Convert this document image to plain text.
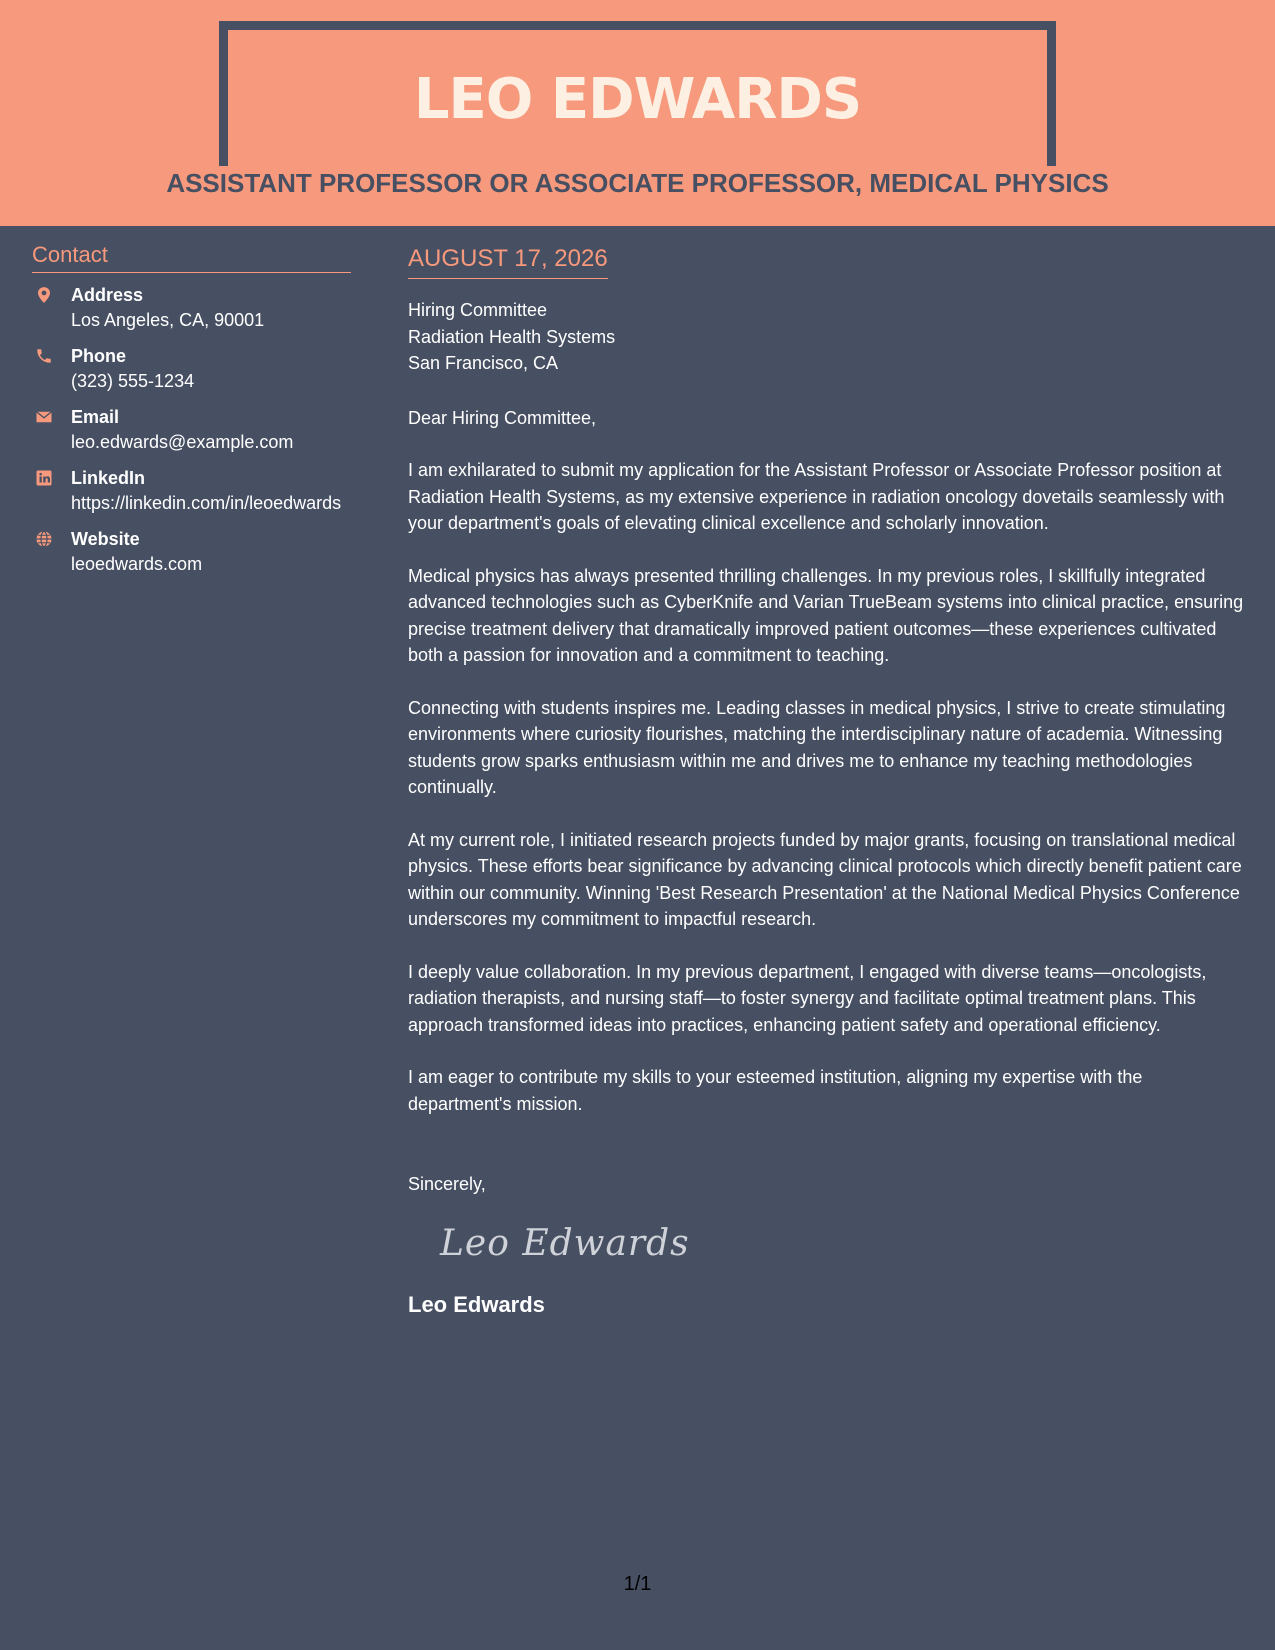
LEO EDWARDS
ASSISTANT PROFESSOR OR ASSOCIATE PROFESSOR, MEDICAL PHYSICS
Contact
Address
Los Angeles, CA, 90001
Phone
(323) 555-1234
Email
leo.edwards@example.com
LinkedIn
https://linkedin.com/in/leoedwards
Website
leoedwards.com
AUGUST 17, 2026
Hiring Committee
Radiation Health Systems
San Francisco, CA
Dear Hiring Committee,
I am exhilarated to submit my application for the Assistant Professor or Associate Professor position at Radiation Health Systems, as my extensive experience in radiation oncology dovetails seamlessly with your department's goals of elevating clinical excellence and scholarly innovation.
Medical physics has always presented thrilling challenges. In my previous roles, I skillfully integrated advanced technologies such as CyberKnife and Varian TrueBeam systems into clinical practice, ensuring precise treatment delivery that dramatically improved patient outcomes—these experiences cultivated both a passion for innovation and a commitment to teaching.
Connecting with students inspires me. Leading classes in medical physics, I strive to create stimulating environments where curiosity flourishes, matching the interdisciplinary nature of academia. Witnessing students grow sparks enthusiasm within me and drives me to enhance my teaching methodologies continually.
At my current role, I initiated research projects funded by major grants, focusing on translational medical physics. These efforts bear significance by advancing clinical protocols which directly benefit patient care within our community. Winning 'Best Research Presentation' at the National Medical Physics Conference underscores my commitment to impactful research.
I deeply value collaboration. In my previous department, I engaged with diverse teams—oncologists, radiation therapists, and nursing staff—to foster synergy and facilitate optimal treatment plans. This approach transformed ideas into practices, enhancing patient safety and operational efficiency.
I am eager to contribute my skills to your esteemed institution, aligning my expertise with the department's mission.
Sincerely,
Leo Edwards
Leo Edwards
1/1
